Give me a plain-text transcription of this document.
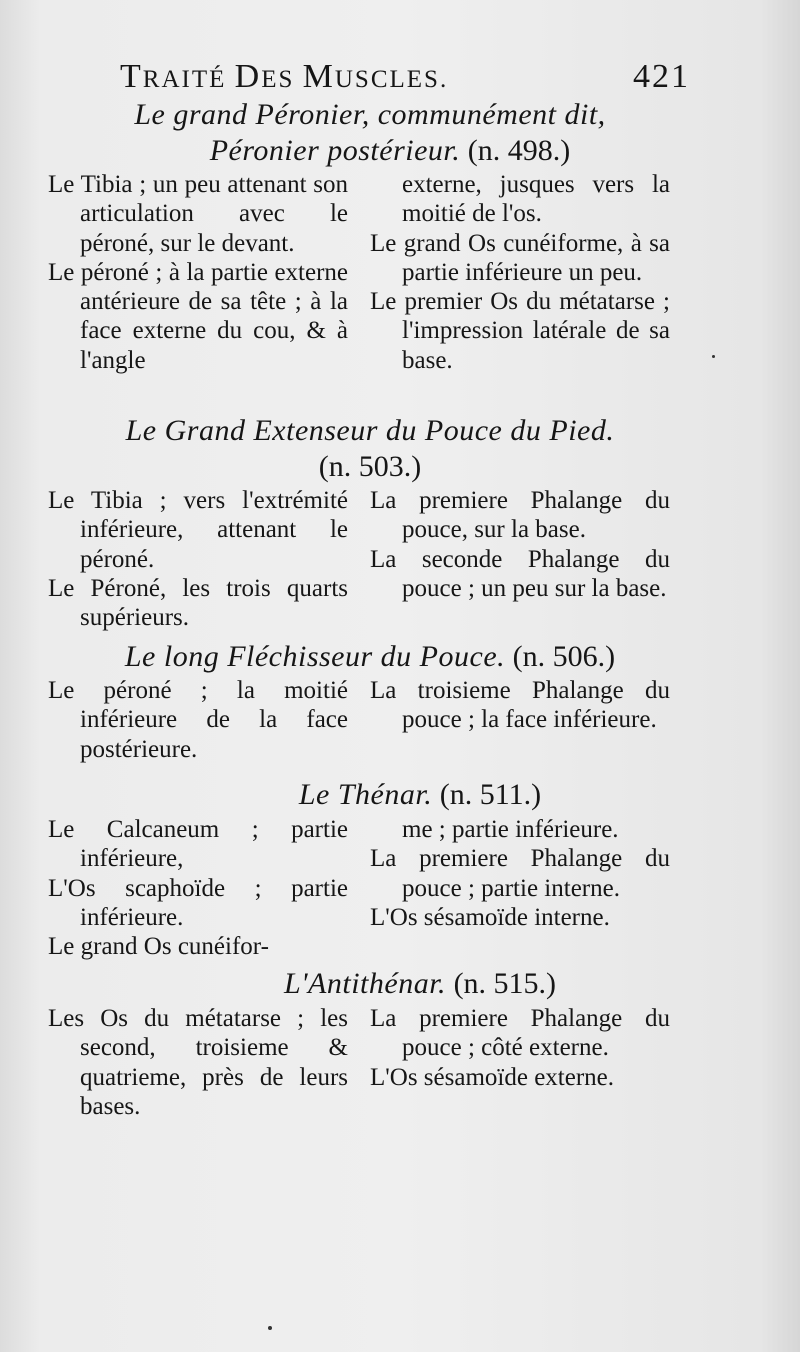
TRAITÉ DES MUSCLES.	421
Le grand Péronier, communément dit,
Péronier postérieur. (n. 498.)

Le Tibia ; un peu attenant son articulation avec le péroné, sur le devant.

Le péroné ; à la partie externe antérieure de sa tête ; à la face externe du cou, & à l'angle

externe, jusques vers la moitié de l'os.

Le grand Os cunéiforme, à sa partie inférieure un peu.

Le premier Os du métatarse ; l'impression latérale de sa base.

Le Grand Extenseur du Pouce du Pied.
(n. 503.)

Le Tibia ; vers l'extrémité inférieure, attenant le péroné.

Le Péroné, les trois quarts supérieurs.

La premiere Phalange du pouce, sur la base.

La seconde Phalange du pouce ; un peu sur la base.

Le long Fléchisseur du Pouce. (n. 506.)

Le péroné ; la moitié inférieure de la face postérieure.

La troisieme Phalange du pouce ; la face inférieure.

Le Thénar. (n. 511.)

Le Calcaneum ; partie inférieure,

L'Os scaphoïde ; partie inférieure.

Le grand Os cunéifor-

me ; partie inférieure.

La premiere Phalange du pouce ; partie interne.

L'Os sésamoïde interne.

L'Antithénar. (n. 515.)

Les Os du métatarse ; les second, troisieme & quatrieme, près de leurs bases.

La premiere Phalange du pouce ; côté externe.

L'Os sésamoïde externe.
